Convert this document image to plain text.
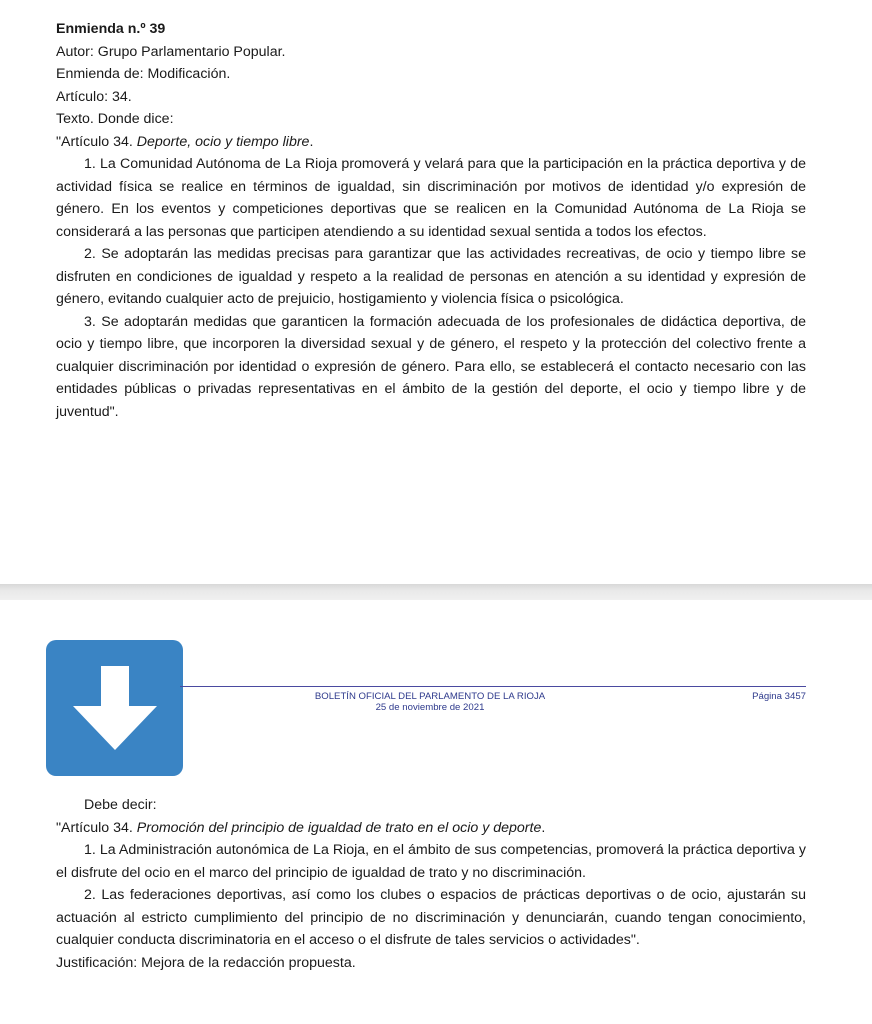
Enmienda n.º 39

Autor: Grupo Parlamentario Popular.

Enmienda de: Modificación.

Artículo: 34.

Texto. Donde dice:

"Artículo 34. Deporte, ocio y tiempo libre.

1. La Comunidad Autónoma de La Rioja promoverá y velará para que la participación en la práctica deportiva y de actividad física se realice en términos de igualdad, sin discriminación por motivos de identidad y/o expresión de género. En los eventos y competiciones deportivas que se realicen en la Comunidad Autónoma de La Rioja se considerará a las personas que participen atendiendo a su identidad sexual sentida a todos los efectos.

2. Se adoptarán las medidas precisas para garantizar que las actividades recreativas, de ocio y tiempo libre se disfruten en condiciones de igualdad y respeto a la realidad de personas en atención a su identidad y expresión de género, evitando cualquier acto de prejuicio, hostigamiento y violencia física o psicológica.

3. Se adoptarán medidas que garanticen la formación adecuada de los profesionales de didáctica deportiva, de ocio y tiempo libre, que incorporen la diversidad sexual y de género, el respeto y la protección del colectivo frente a cualquier discriminación por identidad o expresión de género. Para ello, se establecerá el contacto necesario con las entidades públicas o privadas representativas en el ámbito de la gestión del deporte, el ocio y tiempo libre y de juventud".

BOLETÍN OFICIAL DEL PARLAMENTO DE LA RIOJA
25 de noviembre de 2021
Página 3457

Debe decir:

"Artículo 34. Promoción del principio de igualdad de trato en el ocio y deporte.

1. La Administración autonómica de La Rioja, en el ámbito de sus competencias, promoverá la práctica deportiva y el disfrute del ocio en el marco del principio de igualdad de trato y no discriminación.

2. Las federaciones deportivas, así como los clubes o espacios de prácticas deportivas o de ocio, ajustarán su actuación al estricto cumplimiento del principio de no discriminación y denunciarán, cuando tengan conocimiento, cualquier conducta discriminatoria en el acceso o el disfrute de tales servicios o actividades".

Justificación: Mejora de la redacción propuesta.
